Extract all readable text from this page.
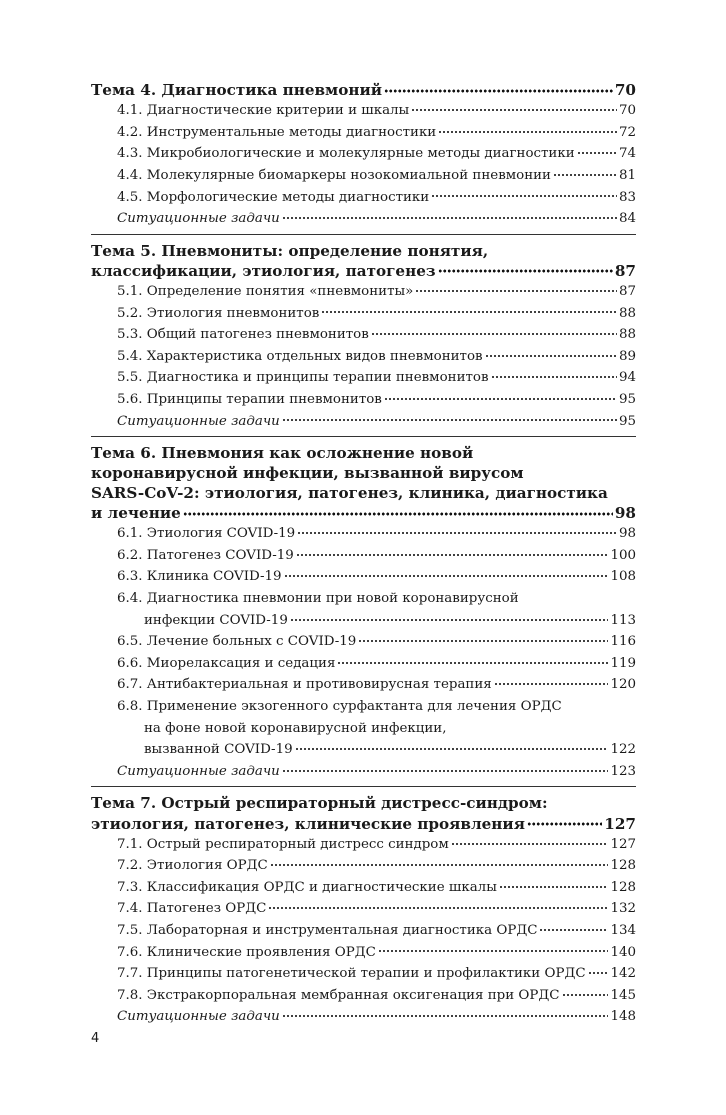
Тема 4. Диагностика пневмоний	70
4.1. Диагностические критерии и шкалы	70
4.2. Инструментальные методы диагностики	72
4.3. Микробиологические и молекулярные методы диагностики	74
4.4. Молекулярные биомаркеры нозокомиальной пневмонии	81
4.5. Морфологические методы диагностики	83
Ситуационные задачи	84
Тема 5. Пневмониты: определение понятия,
классификации, этиология, патогенез	87
5.1. Определение понятия «пневмониты»	87
5.2. Этиология пневмонитов	88
5.3. Общий патогенез пневмонитов	88
5.4. Характеристика отдельных видов пневмонитов	89
5.5. Диагностика и принципы терапии пневмонитов	94
5.6. Принципы терапии пневмонитов	95
Ситуационные задачи	95
Тема 6. Пневмония как осложнение новой
коронавирусной инфекции, вызванной вирусом
SARS-CoV-2: этиология, патогенез, клиника, диагностика
и лечение	98
6.1. Этиология COVID-19	98
6.2. Патогенез COVID-19	100
6.3. Клиника COVID-19	108
6.4. Диагностика пневмонии при новой коронавирусной
инфекции COVID-19	113
6.5. Лечение больных с COVID-19	116
6.6. Миорелаксация и седация	119
6.7. Антибактериальная и противовирусная терапия	120
6.8. Применение экзогенного сурфактанта для лечения ОРДС
на фоне новой коронавирусной инфекции,
вызванной COVID-19	122
Ситуационные задачи	123
Тема 7. Острый респираторный дистресс-синдром:
этиология, патогенез, клинические проявления	127
7.1. Острый респираторный дистресс синдром	127
7.2. Этиология ОРДС	128
7.3. Классификация ОРДС и диагностические шкалы	128
7.4. Патогенез ОРДС	132
7.5. Лабораторная и инструментальная диагностика ОРДС	134
7.6. Клинические проявления ОРДС	140
7.7. Принципы патогенетической терапии и профилактики ОРДС 142
7.8. Экстракорпоральная мембранная оксигенация при ОРДС	145
Ситуационные задачи	148
4
